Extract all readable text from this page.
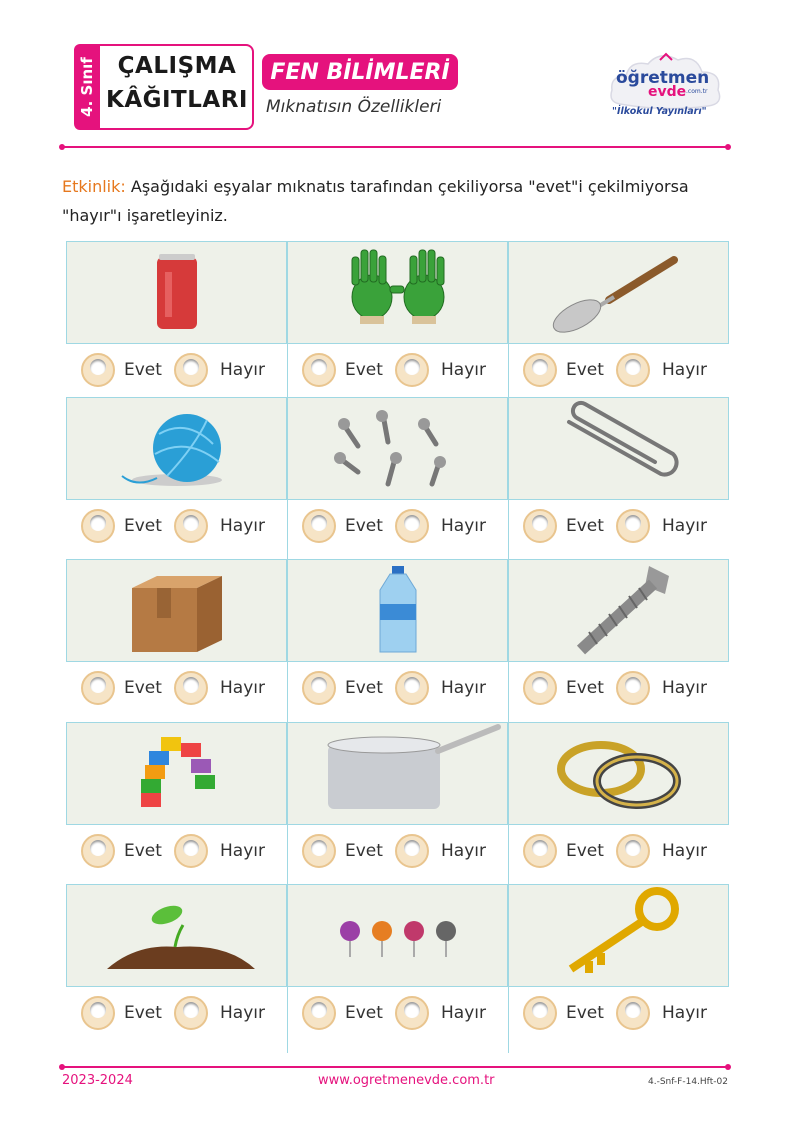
4. Sınıf ÇALIŞMA
KÂĞITLARI
FEN BİLİMLERİ
Mıknatısın Özellikleri
öğretmen
evde .com.tr
"İlkokul Yayınları"
Etkinlik: Aşağıdaki eşyalar mıknatıs tarafından çekiliyorsa "evet"i çekilmiyorsa "hayır"ı işaretleyiniz.
Evet	Hayır	Evet	Hayır	Evet	Hayır
Evet	Hayır	Evet	Hayır	Evet	Hayır
Evet	Hayır	Evet	Hayır	Evet	Hayır
Evet	Hayır	Evet	Hayır	Evet	Hayır
Evet	Hayır	Evet	Hayır	Evet	Hayır
2023-2024	www.ogretmenevde.com.tr	4.-Snf-F-14.Hft-02
